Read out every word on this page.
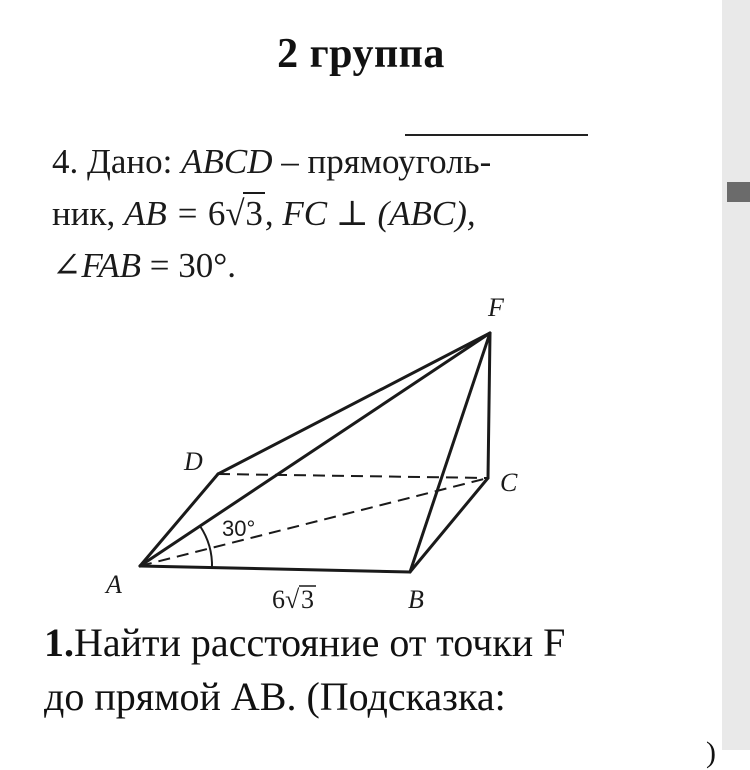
2 группа
4. Дано: ABCD – прямоуголь-
ник, AB = 6 √ 3, FC ⊥ (ABC),
∠FAB = 30°.
F
D
C
A
B
30°
6 √ 3
1.Найти расстояние от точки F
до прямой AB. (Подсказка:
)
